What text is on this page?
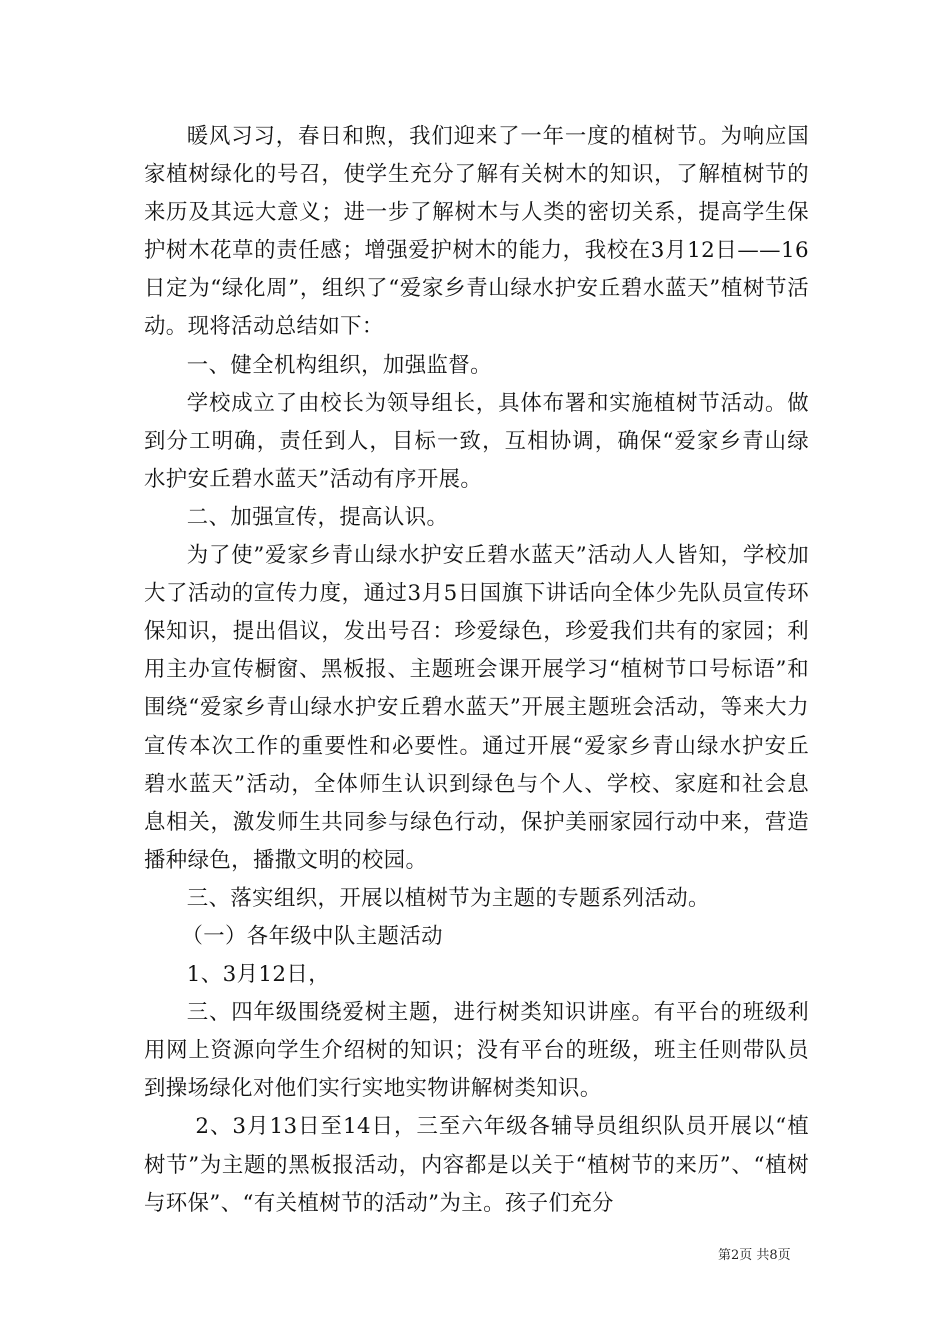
暖风习习，春日和煦，我们迎来了一年一度的植树节。为响应国家植树绿化的号召，使学生充分了解有关树木的知识，了解植树节的来历及其远大意义；进一步了解树木与人类的密切关系，提高学生保护树木花草的责任感；增强爱护树木的能力，我校在3月12日——16日定为“绿化周”，组织了“爱家乡青山绿水护安丘碧水蓝天”植树节活动。现将活动总结如下：

一、健全机构组织，加强监督。

学校成立了由校长为领导组长，具体布署和实施植树节活动。做到分工明确，责任到人，目标一致，互相协调，确保“爱家乡青山绿水护安丘碧水蓝天”活动有序开展。

二、加强宣传，提高认识。

为了使”爱家乡青山绿水护安丘碧水蓝天”活动人人皆知，学校加大了活动的宣传力度，通过3月5日国旗下讲话向全体少先队员宣传环保知识，提出倡议，发出号召：珍爱绿色，珍爱我们共有的家园；利用主办宣传橱窗、黑板报、主题班会课开展学习“植树节口号标语”和围绕“爱家乡青山绿水护安丘碧水蓝天”开展主题班会活动，等来大力宣传本次工作的重要性和必要性。通过开展“爱家乡青山绿水护安丘碧水蓝天”活动，全体师生认识到绿色与个人、学校、家庭和社会息息相关，激发师生共同参与绿色行动，保护美丽家园行动中来，营造播种绿色，播撒文明的校园。

三、落实组织，开展以植树节为主题的专题系列活动。

（一）各年级中队主题活动

1、3月12日，

三、四年级围绕爱树主题，进行树类知识讲座。有平台的班级利用网上资源向学生介绍树的知识；没有平台的班级，班主任则带队员到操场绿化对他们实行实地实物讲解树类知识。

2、3月13日至14日，三至六年级各辅导员组织队员开展以“植树节”为主题的黑板报活动，内容都是以关于“植树节的来历”、“植树与环保”、“有关植树节的活动”为主。孩子们充分

第2页 共8页
